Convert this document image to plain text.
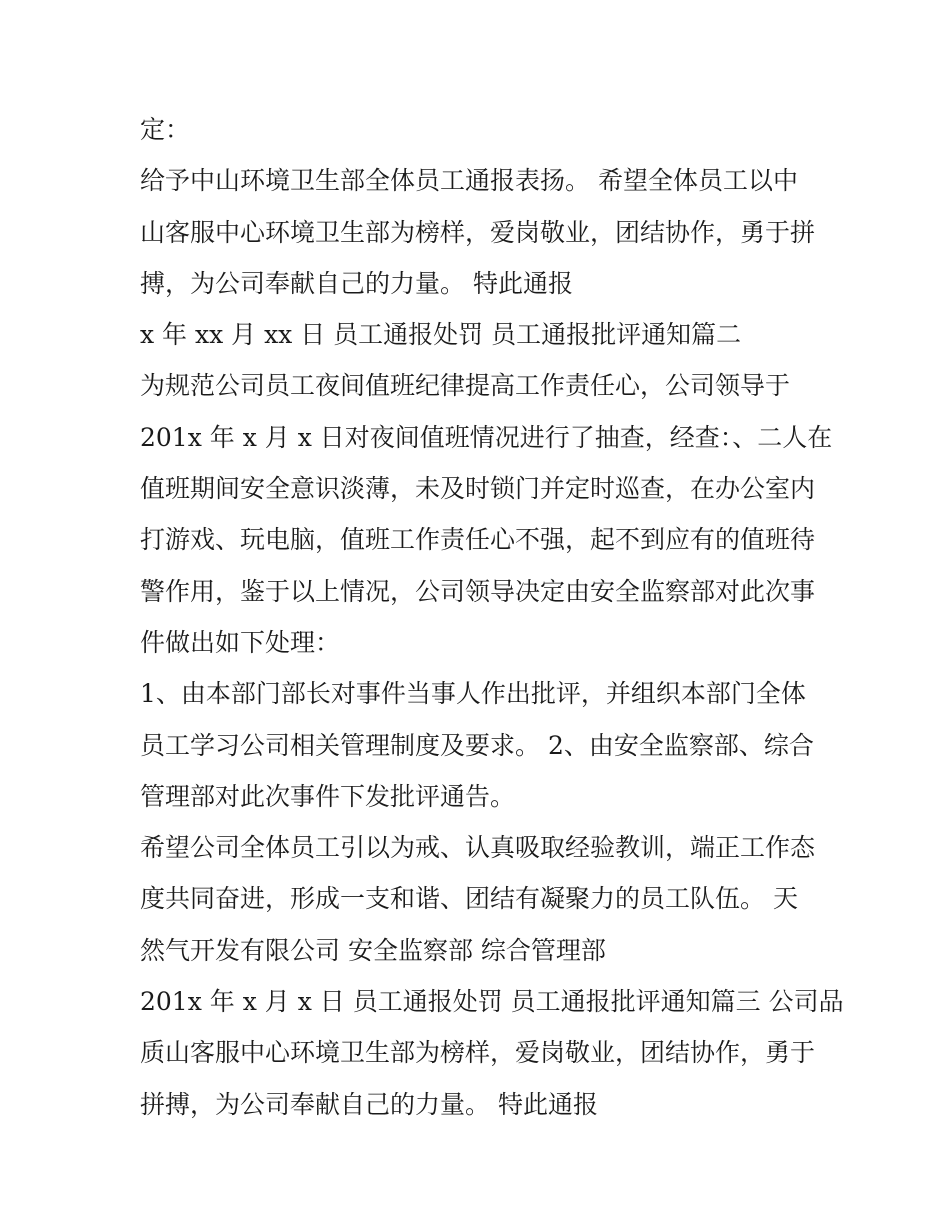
定：
给予中山环境卫生部全体员工通报表扬。 希望全体员工以中
山客服中心环境卫生部为榜样，爱岗敬业，团结协作，勇于拼
搏，为公司奉献自己的力量。 特此通报
x 年 xx 月 xx 日 员工通报处罚 员工通报批评通知篇二
为规范公司员工夜间值班纪律提高工作责任心，公司领导于
201x 年 x 月 x 日对夜间值班情况进行了抽查，经查：、二人在
值班期间安全意识淡薄，未及时锁门并定时巡查，在办公室内
打游戏、玩电脑，值班工作责任心不强，起不到应有的值班待
警作用，鉴于以上情况，公司领导决定由安全监察部对此次事
件做出如下处理：
1、由本部门部长对事件当事人作出批评，并组织本部门全体
员工学习公司相关管理制度及要求。 2、由安全监察部、综合
管理部对此次事件下发批评通告。
希望公司全体员工引以为戒、认真吸取经验教训，端正工作态
度共同奋进，形成一支和谐、团结有凝聚力的员工队伍。 天
然气开发有限公司 安全监察部 综合管理部
201x 年 x 月 x 日 员工通报处罚 员工通报批评通知篇三 公司品
质山客服中心环境卫生部为榜样，爱岗敬业，团结协作，勇于
拼搏，为公司奉献自己的力量。 特此通报
